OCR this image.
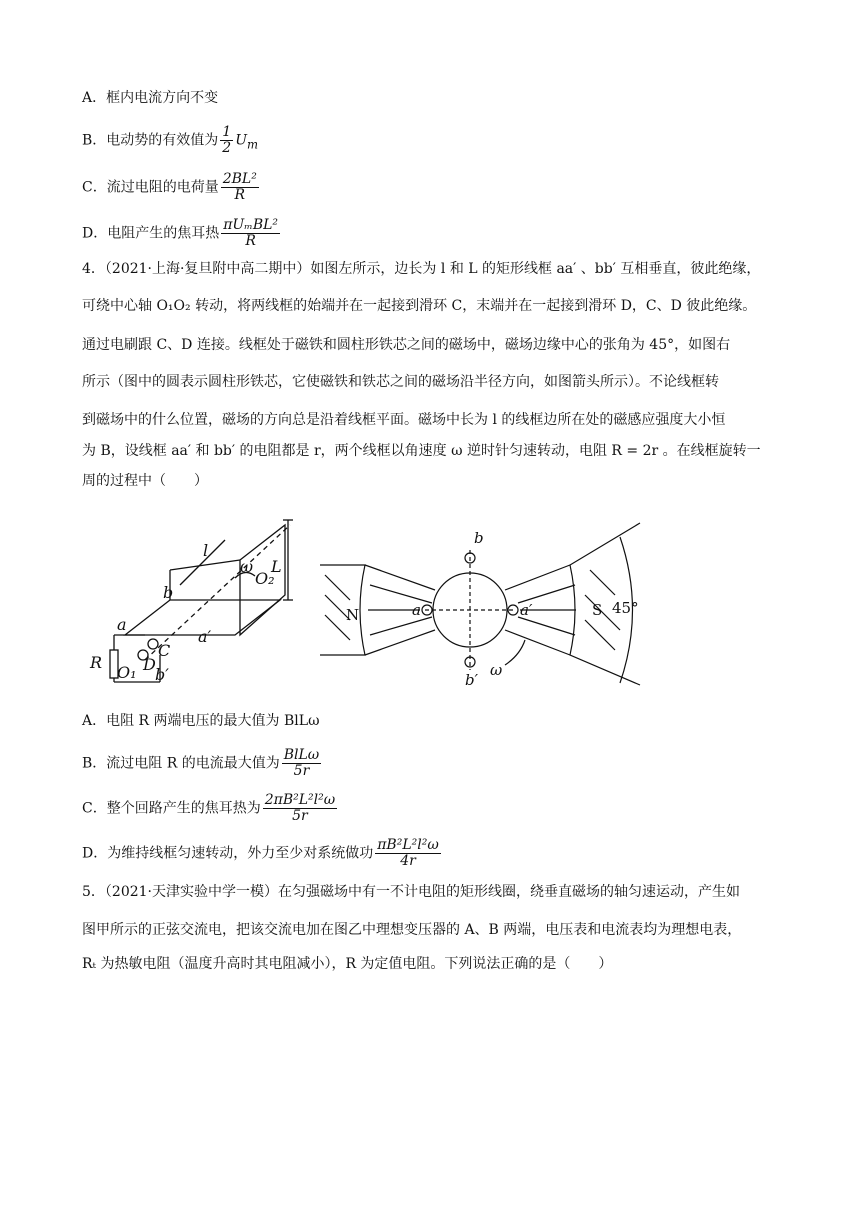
A．框内电流方向不变
B．电动势的有效值为 $\frac{1}{2} U_m$
C．流过电阻的电荷量 $\frac{\text{2BL²}}{R}$
D．电阻产生的焦耳热 $\frac{\text{πUₘBL²}}{R}$
4．（2021·上海·复旦附中高二期中）如图左所示，边长为 l 和 L 的矩形线框 aa′ 、bb′ 互相垂直，彼此绝缘，
可绕中心轴 O₁O₂ 转动，将两线框的始端并在一起接到滑环 C，末端并在一起接到滑环 D，C、D 彼此绝缘。
通过电刷跟 C、D 连接。线框处于磁铁和圆柱形铁芯之间的磁场中，磁场边缘中心的张角为 45°，如图右
所示（图中的圆表示圆柱形铁芯，它使磁铁和铁芯之间的磁场沿半径方向，如图箭头所示）。不论线框转
到磁场中的什么位置，磁场的方向总是沿着线框平面。磁场中长为 l 的线框边所在处的磁感应强度大小恒
为 B，设线框 aa′ 和 bb′ 的电阻都是 r，两个线框以角速度 ω 逆时针匀速转动，电阻 R = 2r 。在线框旋转一
周的过程中（　　）
l
L
ω
O₂
b
a
a′
R
C
D
O₁ b′
b
b′
a	a′
N	S 45°
ω
A．电阻 R 两端电压的最大值为 BlLω
B．流过电阻 R 的电流最大值为 $\frac{\text{BlLω}}{5r}$
C．整个回路产生的焦耳热为 $\frac{\text{2πB²L²l²ω}}{5r}$
D．为维持线框匀速转动，外力至少对系统做功 $\frac{\text{πB²L²l²ω}}{4r}$
5．（2021·天津实验中学一模）在匀强磁场中有一不计电阻的矩形线圈，绕垂直磁场的轴匀速运动，产生如
图甲所示的正弦交流电，把该交流电加在图乙中理想变压器的 A、B 两端，电压表和电流表均为理想电表，
Rₜ 为热敏电阻（温度升高时其电阻减小），R 为定值电阻。下列说法正确的是（　　）
